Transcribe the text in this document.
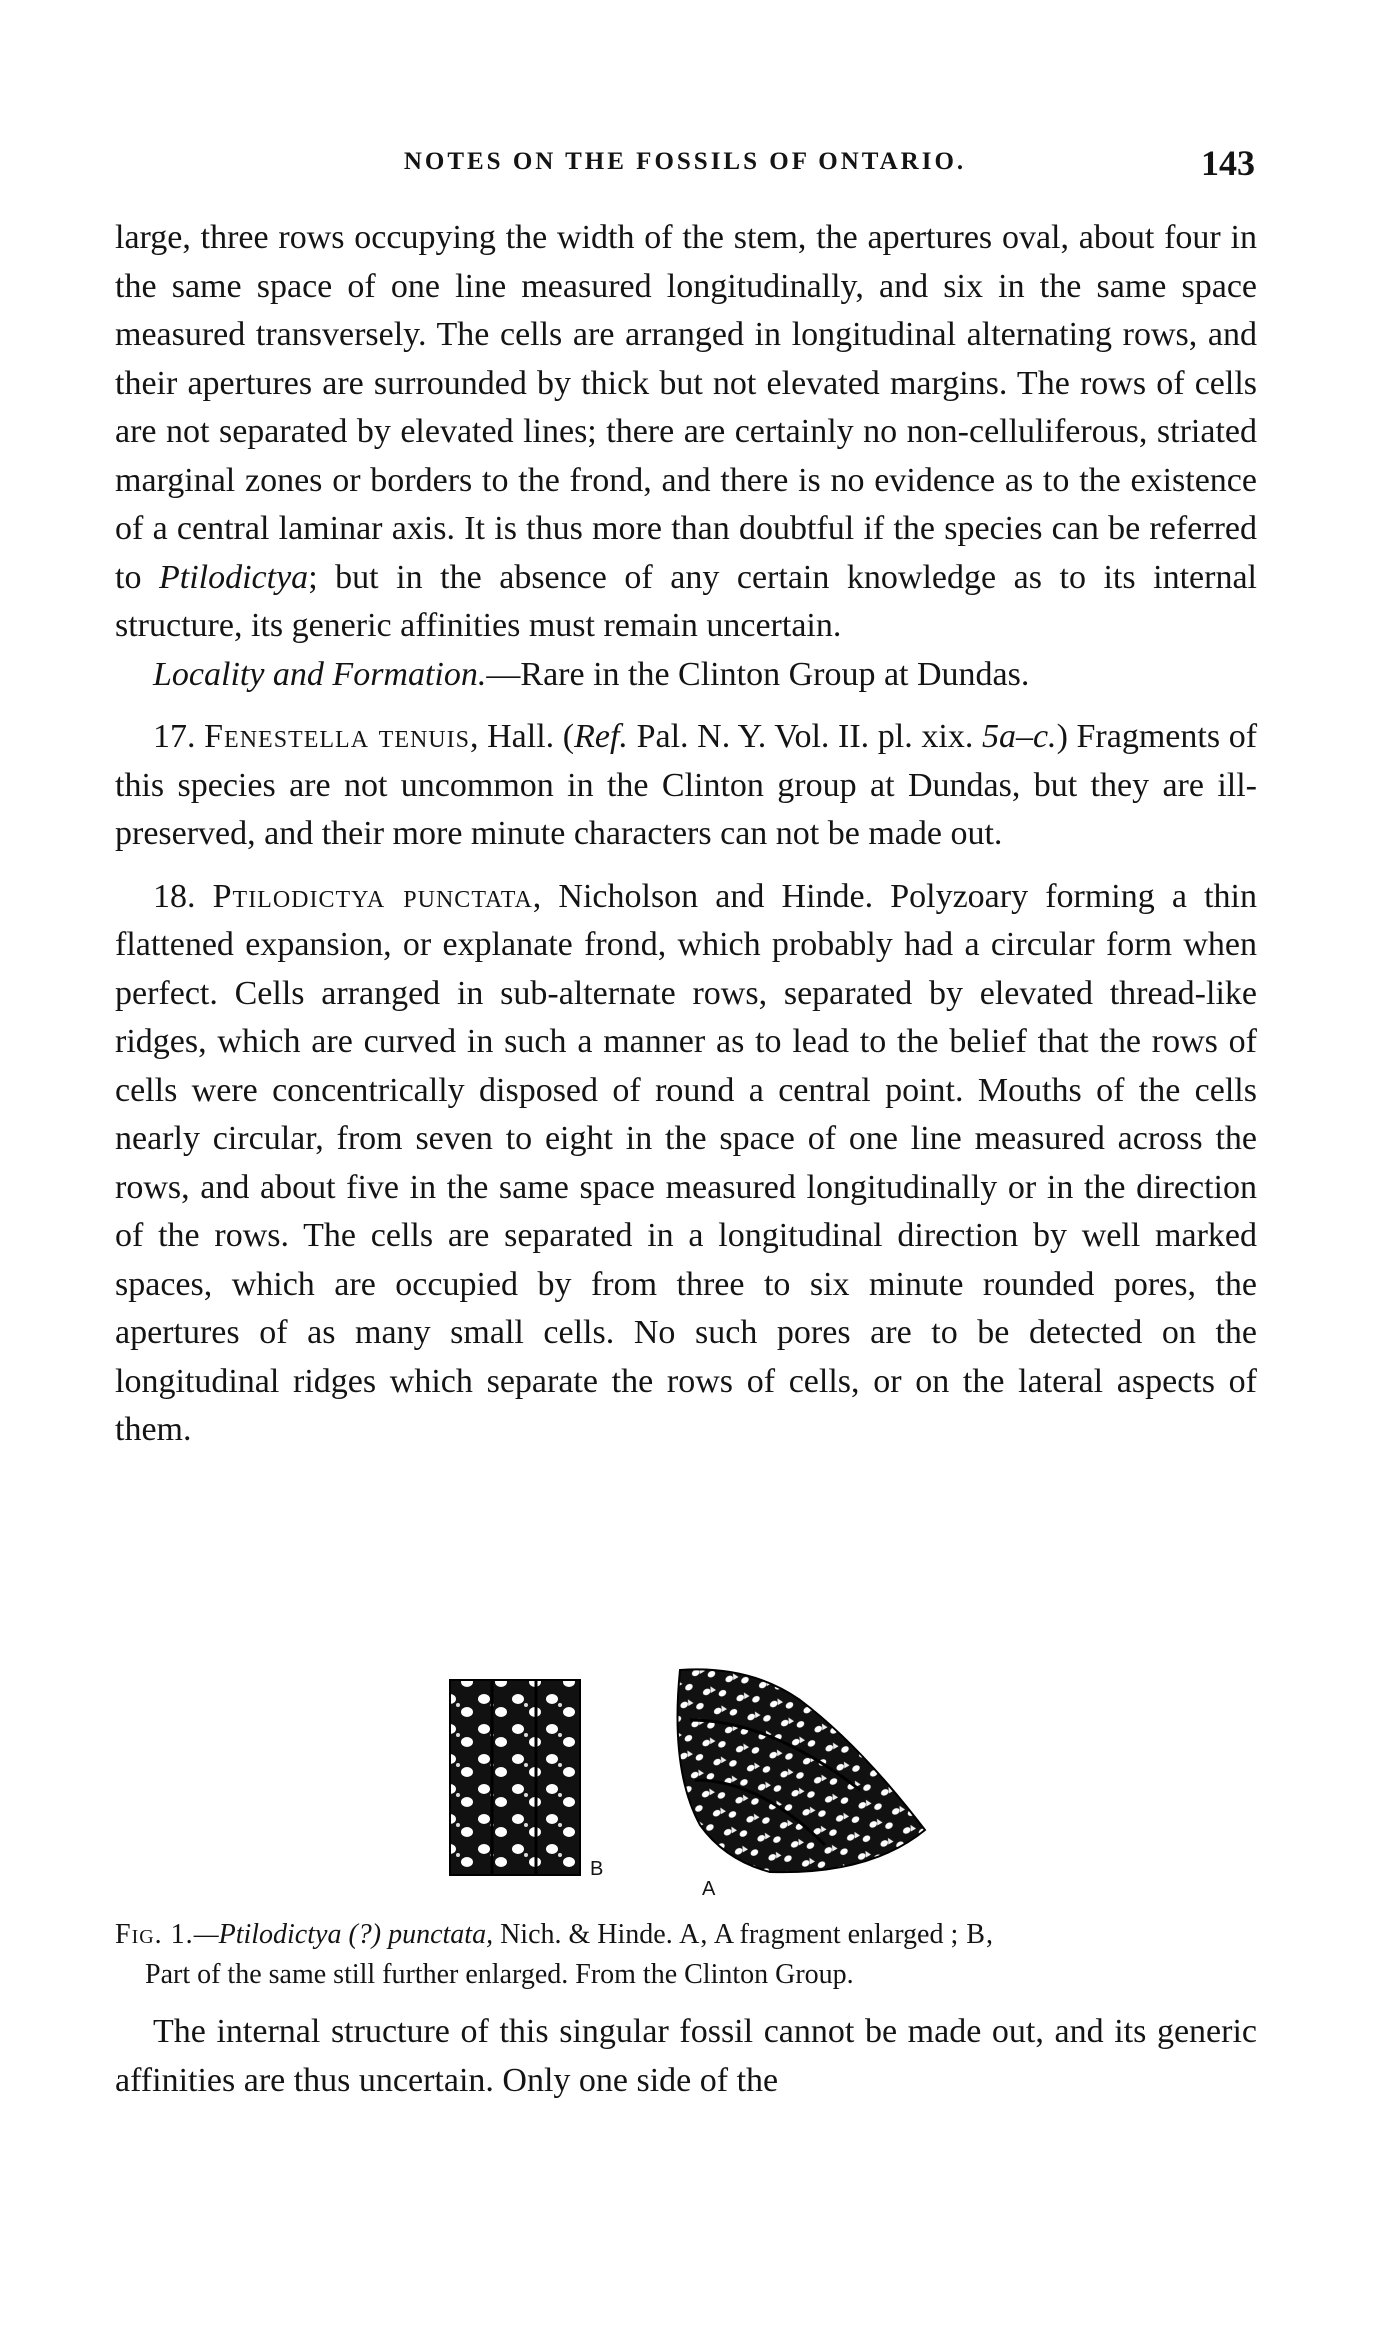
NOTES ON THE FOSSILS OF ONTARIO.	143

large, three rows occupying the width of the stem, the apertures oval, about four in the same space of one line measured longitudinally, and six in the same space measured transversely. The cells are arranged in longitudinal alternating rows, and their apertures are surrounded by thick but not elevated margins. The rows of cells are not separated by elevated lines; there are certainly no non-celluliferous, striated marginal zones or borders to the frond, and there is no evidence as to the existence of a central laminar axis. It is thus more than doubtful if the species can be referred to Ptilodictya; but in the absence of any certain knowledge as to its internal structure, its generic affinities must remain uncertain.

Locality and Formation.—Rare in the Clinton Group at Dundas.

17. Fenestella tenuis, Hall. (Ref. Pal. N. Y. Vol. II. pl. xix. 5a–c.) Fragments of this species are not uncommon in the Clinton group at Dundas, but they are ill-preserved, and their more minute characters can not be made out.

18. Ptilodictya punctata, Nicholson and Hinde. Polyzoary forming a thin flattened expansion, or explanate frond, which probably had a circular form when perfect. Cells arranged in sub-alternate rows, separated by elevated thread-like ridges, which are curved in such a manner as to lead to the belief that the rows of cells were concentrically disposed of round a central point. Mouths of the cells nearly circular, from seven to eight in the space of one line measured across the rows, and about five in the same space measured longitudinally or in the direction of the rows. The cells are separated in a longitudinal direction by well marked spaces, which are occupied by from three to six minute rounded pores, the apertures of as many small cells. No such pores are to be detected on the longitudinal ridges which separate the rows of cells, or on the lateral aspects of them.

B
A

Fig. 1.—Ptilodictya (?) punctata, Nich. & Hinde. A, A fragment enlarged ; B,

Part of the same still further enlarged. From the Clinton Group.

The internal structure of this singular fossil cannot be made out, and its generic affinities are thus uncertain. Only one side of the
